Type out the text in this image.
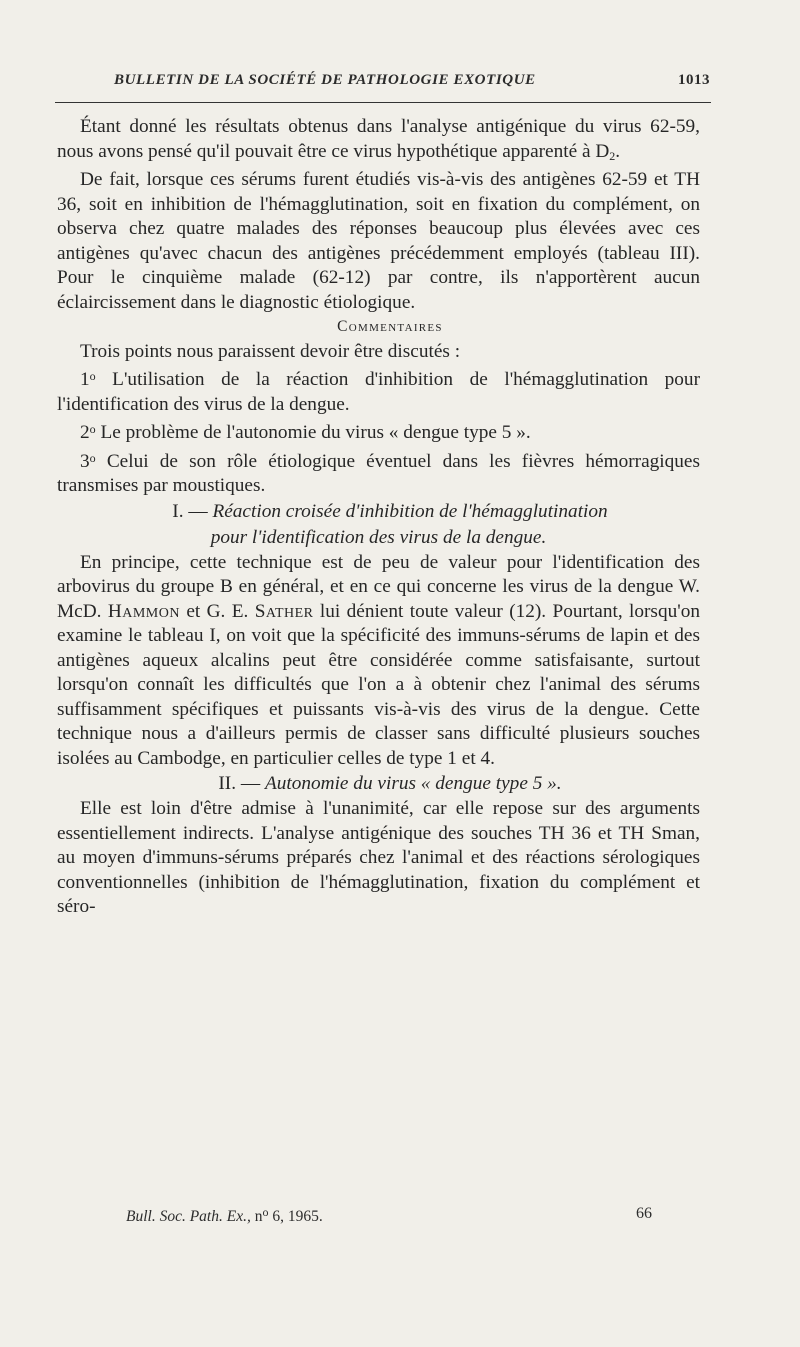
BULLETIN DE LA SOCIÉTÉ DE PATHOLOGIE EXOTIQUE	1013

Étant donné les résultats obtenus dans l'analyse antigénique du virus 62-59, nous avons pensé qu'il pouvait être ce virus hypothétique apparenté à $D_2$.

De fait, lorsque ces sérums furent étudiés vis-à-vis des antigènes 62-59 et TH 36, soit en inhibition de l'hémagglutination, soit en fixation du complément, on observa chez quatre malades des réponses beaucoup plus élevées avec ces antigènes qu'avec chacun des antigènes précédemment employés (tableau III). Pour le cinquième malade (62-12) par contre, ils n'apportèrent aucun éclaircissement dans le diagnostic étiologique.

Commentaires

Trois points nous paraissent devoir être discutés :

1$^o$ L'utilisation de la réaction d'inhibition de l'hémagglutination pour l'identification des virus de la dengue.

2$^o$ Le problème de l'autonomie du virus « dengue type 5 ».

3$^o$ Celui de son rôle étiologique éventuel dans les fièvres hémorragiques transmises par moustiques.

I. — Réaction croisée d'inhibition de l'hémagglutination
pour l'identification des virus de la dengue.

En principe, cette technique est de peu de valeur pour l'identification des arbovirus du groupe B en général, et en ce qui concerne les virus de la dengue W. McD. Hammon et G. E. Sather lui dénient toute valeur (12). Pourtant, lorsqu'on examine le tableau I, on voit que la spécificité des immuns-sérums de lapin et des antigènes aqueux alcalins peut être considérée comme satisfaisante, surtout lorsqu'on connaît les difficultés que l'on a à obtenir chez l'animal des sérums suffisamment spécifiques et puissants vis-à-vis des virus de la dengue. Cette technique nous a d'ailleurs permis de classer sans difficulté plusieurs souches isolées au Cambodge, en particulier celles de type 1 et 4.

II. — Autonomie du virus « dengue type 5 ».

Elle est loin d'être admise à l'unanimité, car elle repose sur des arguments essentiellement indirects. L'analyse antigénique des souches TH 36 et TH Sman, au moyen d'immuns-sérums préparés chez l'animal et des réactions sérologiques conventionnelles (inhibition de l'hémagglutination, fixation du complément et séro-

Bull. Soc. Path. Ex., $n^o$ 6, 1965.	66
